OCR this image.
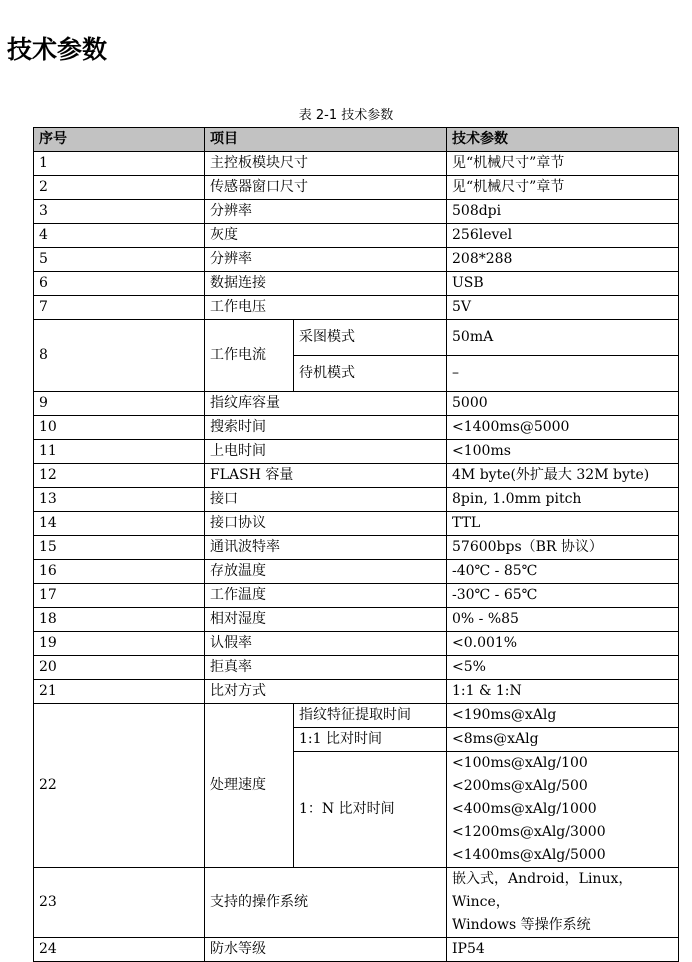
技术参数
表 2-1 技术参数
序号	项目		技术参数
1	主控板模块尺寸		见“机械尺寸”章节
2	传感器窗口尺寸		见“机械尺寸”章节
3	分辨率		508dpi
4	灰度		256level
5	分辨率		208*288
6	数据连接		USB
7	工作电压		5V
8	工作电流	采图模式	50mA
		待机模式	–
9	指纹库容量		5000
10	搜索时间		<1400ms@5000
11	上电时间		<100ms
12	FLASH 容量		4M byte(外扩最大 32M byte)
13	接口		8pin, 1.0mm pitch
14	接口协议		TTL
15	通讯波特率		57600bps（BR 协议）
16	存放温度		-40℃ - 85℃
17	工作温度		-30℃ - 65℃
18	相对湿度		0% - %85
19	认假率		<0.001%
20	拒真率		<5%
21	比对方式		1:1 & 1:N
22	处理速度	指纹特征提取时间	<190ms@xAlg
		1:1 比对时间	<8ms@xAlg
		1：N 比对时间	<100ms@xAlg/100
<200ms@xAlg/500
<400ms@xAlg/1000
<1200ms@xAlg/3000
<1400ms@xAlg/5000

23	支持的操作系统		嵌入式，Android，Linux，Wince，
Windows 等操作系统

24	防水等级		IP54
